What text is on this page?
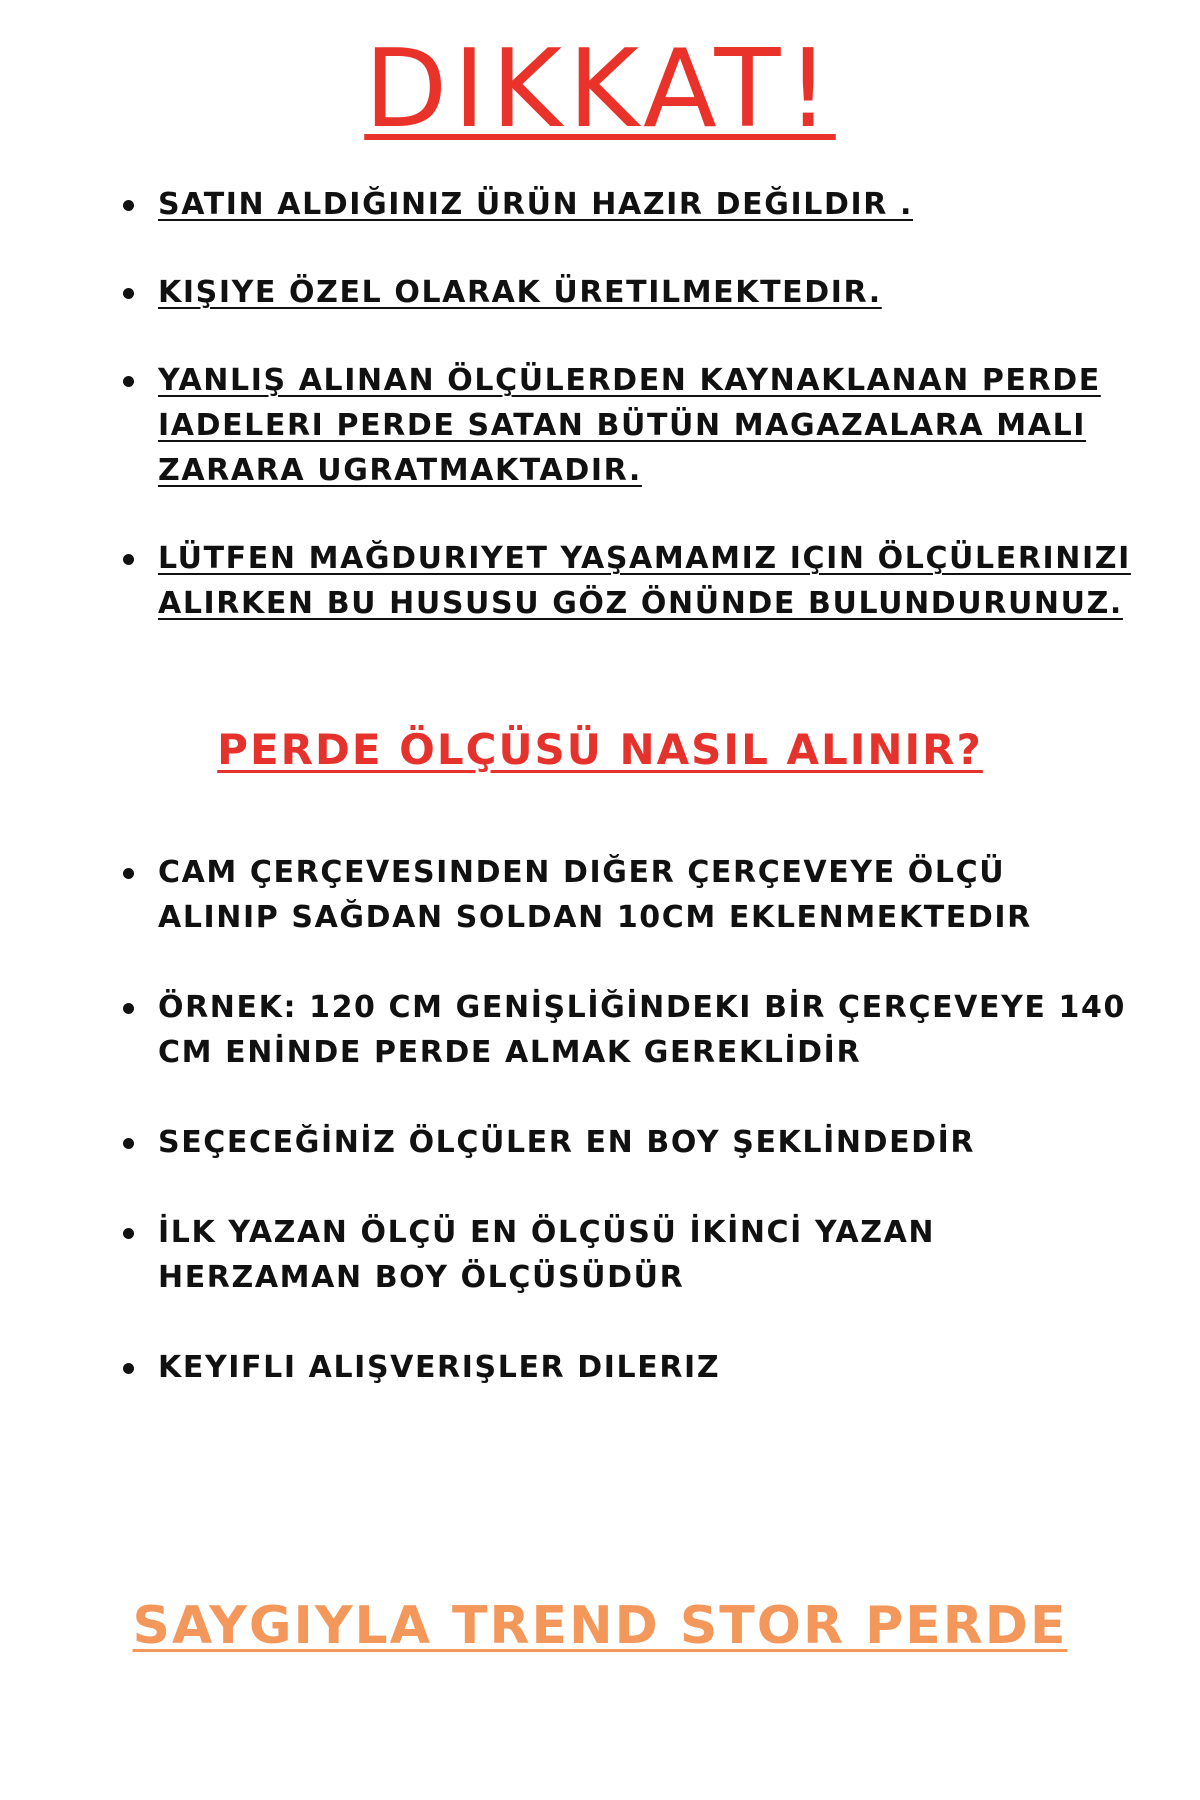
DIKKAT!
SATIN ALDIĞINIZ ÜRÜN HAZIR DEĞILDIR .
KIŞIYE ÖZEL OLARAK ÜRETILMEKTEDIR.
YANLIŞ ALINAN ÖLÇÜLERDEN KAYNAKLANAN PERDE IADELERI PERDE SATAN BÜTÜN MAGAZALARA MALI ZARARA UGRATMAKTADIR.
LÜTFEN MAĞDURIYET YAŞAMAMIZ IÇIN ÖLÇÜLERINIZI ALIRKEN BU HUSUSU GÖZ ÖNÜNDE BULUNDURUNUZ.
PERDE ÖLÇÜSÜ NASIL ALINIR?
CAM ÇERÇEVESINDEN DIĞER ÇERÇEVEYE ÖLÇÜ ALINIP SAĞDAN SOLDAN 10CM EKLENMEKTEDIR
ÖRNEK: 120 CM GENİŞLİĞİNDEKI BİR ÇERÇEVEYE 140 CM ENİNDE PERDE ALMAK GEREKLİDİR
SEÇECEĞİNİZ ÖLÇÜLER EN BOY ŞEKLİNDEDİR
İLK YAZAN ÖLÇÜ EN ÖLÇÜSÜ İKİNCİ YAZAN HERZAMAN BOY ÖLÇÜSÜDÜR
KEYIFLI ALIŞVERIŞLER DILERIZ
SAYGIYLA TREND STOR PERDE
